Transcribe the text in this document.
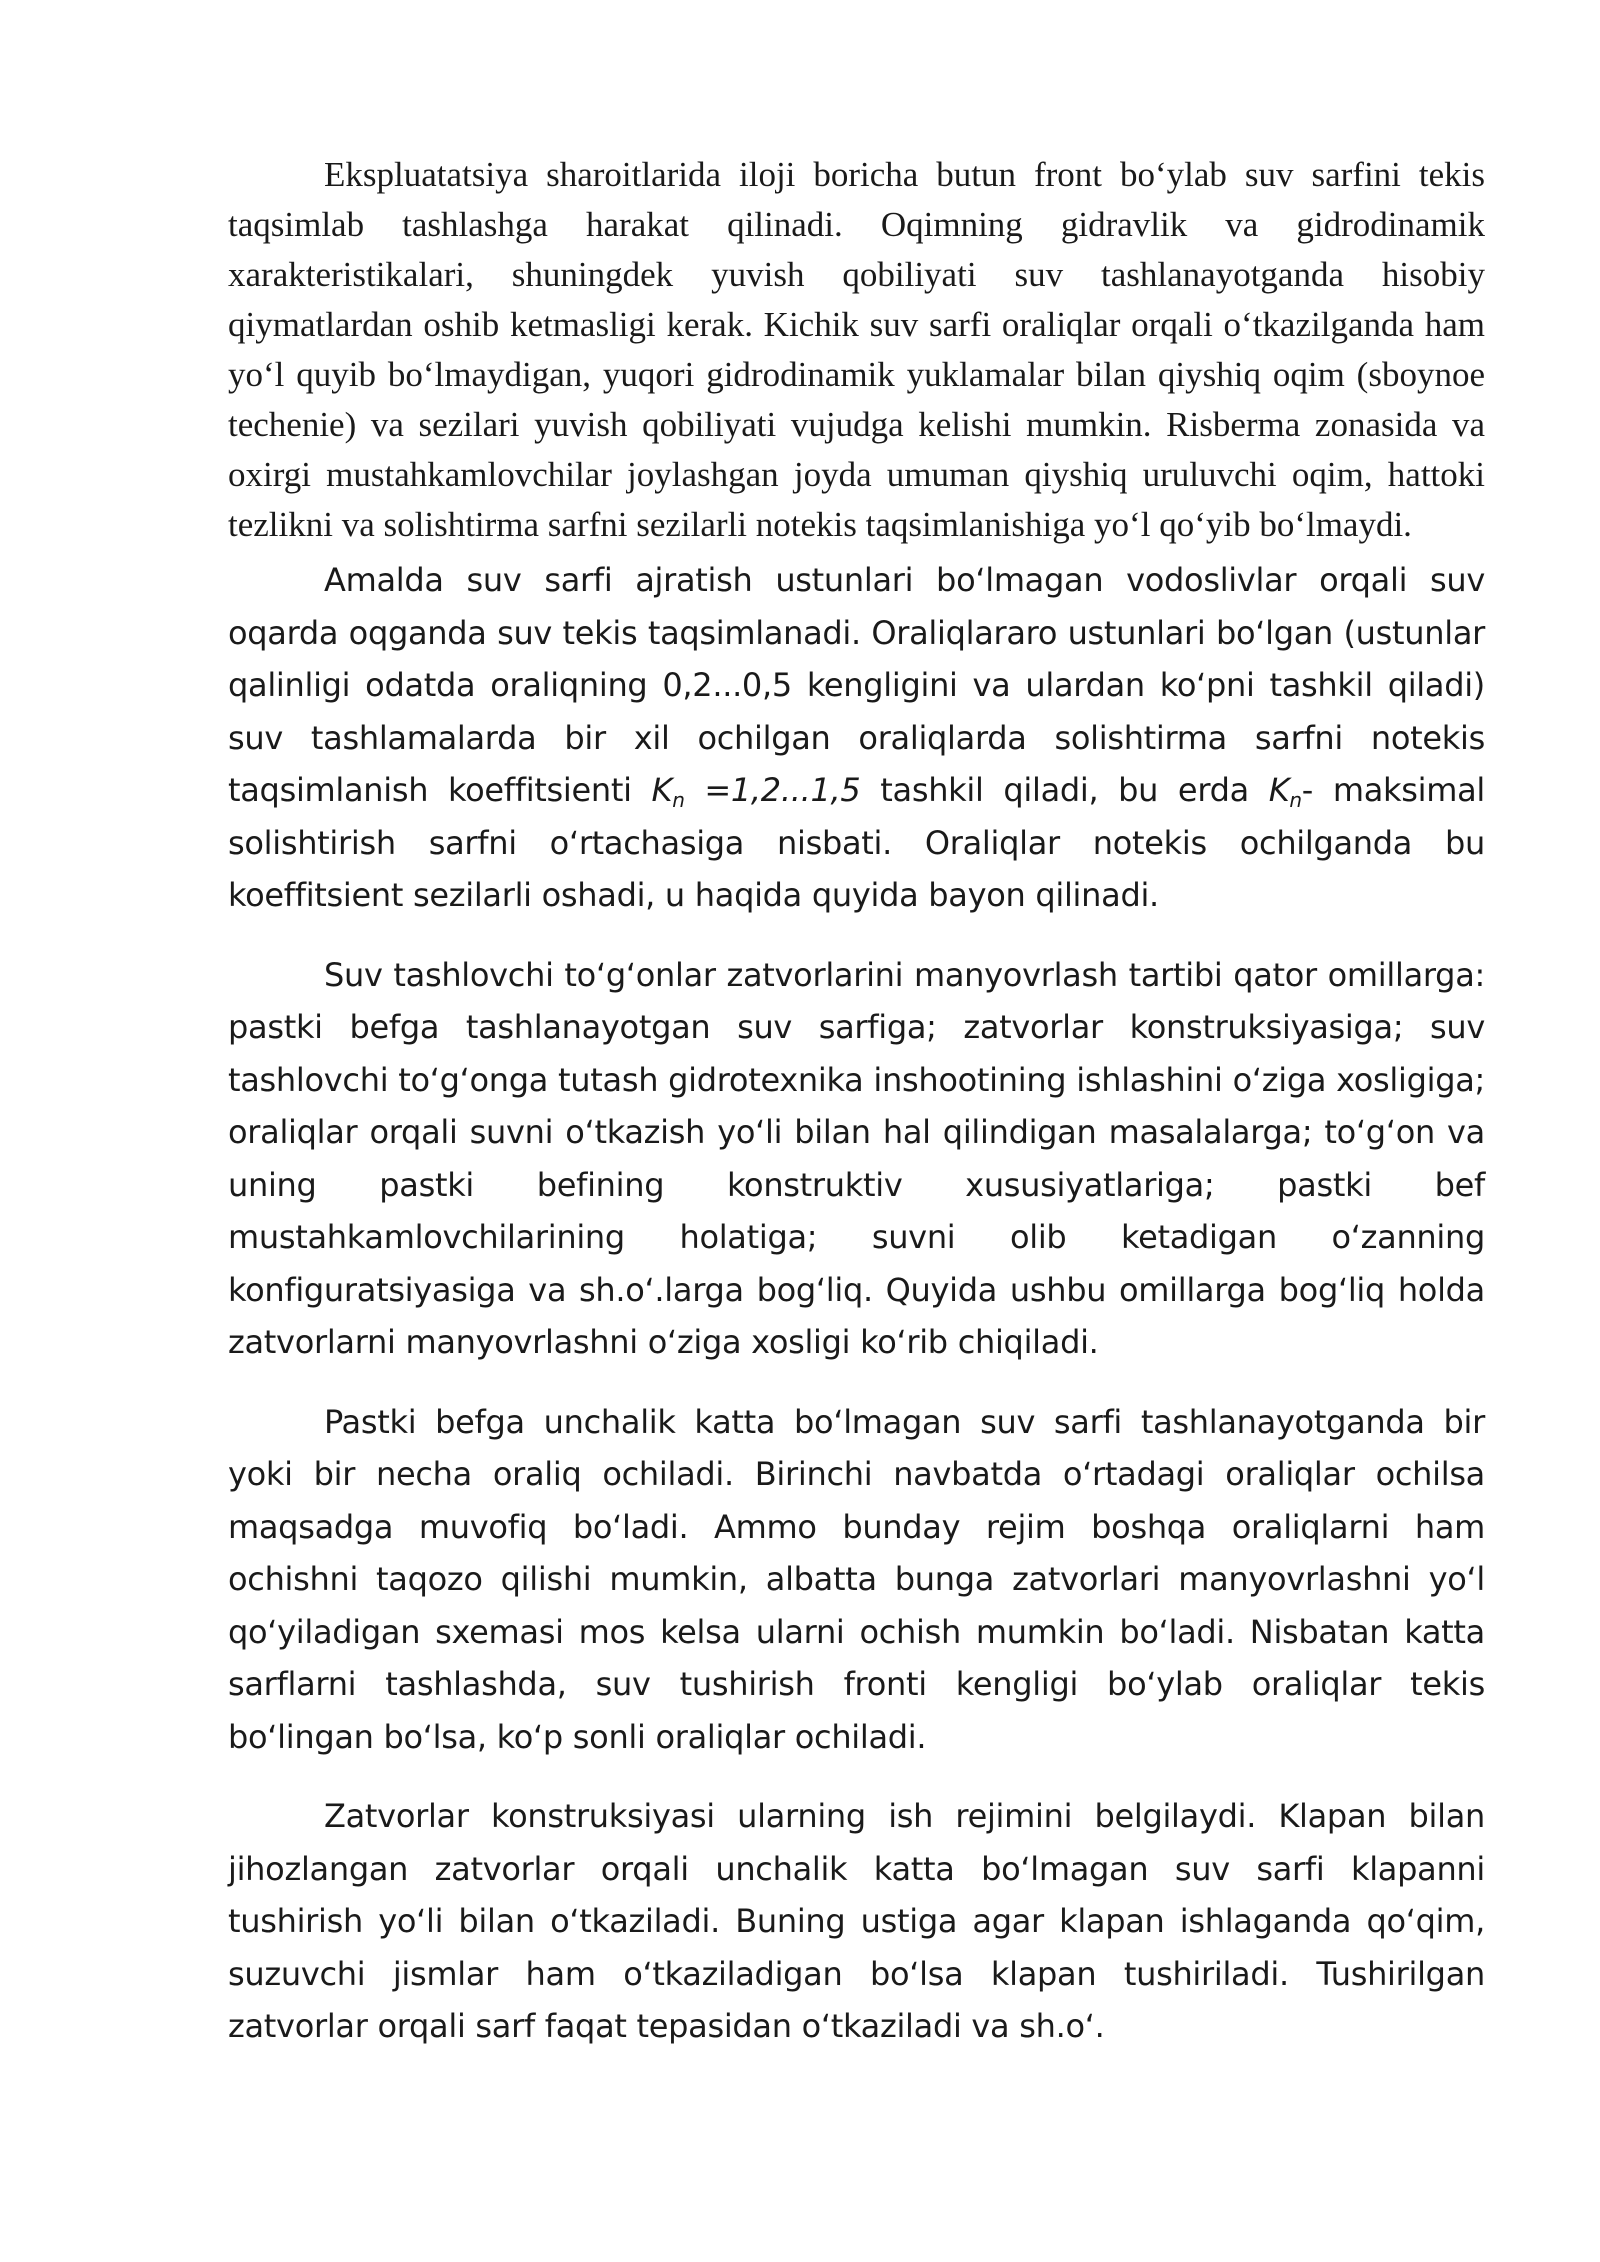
Ekspluatatsiya sharoitlarida iloji boricha butun front bo‘ylab suv sarfini tekis taqsimlab tashlashga harakat qilinadi. Oqimning gidravlik va gidrodinamik xarakteristikalari, shuningdek yuvish qobiliyati suv tashlanayotganda hisobiy qiymatlardan oshib ketmasligi kerak. Kichik suv sarfi oraliqlar orqali o‘tkazilganda ham yo‘l quyib bo‘lmaydigan, yuqori gidrodinamik yuklamalar bilan qiyshiq oqim (sboynoe techenie) va sezilari yuvish qobiliyati vujudga kelishi mumkin. Risberma zonasida va oxirgi mustahkamlovchilar joylashgan joyda umuman qiyshiq uruluvchi oqim, hattoki tezlikni va solishtirma sarfni sezilarli notekis taqsimlanishiga yo‘l qo‘yib bo‘lmaydi.

Amalda suv sarfi ajratish ustunlari bo‘lmagan vodoslivlar orqali suv oqarda oqganda suv tekis taqsimlanadi. Oraliqlararo ustunlari bo‘lgan (ustunlar qalinligi odatda oraliqning 0,2...0,5 kengligini va ulardan ko‘pni tashkil qiladi) suv tashlamalarda bir xil ochilgan oraliqlarda solishtirma sarfni notekis taqsimlanish koeffitsienti $K_n =1,2...1,5$ tashkil qiladi, bu erda $K_n-$ maksimal solishtirish sarfni o‘rtachasiga nisbati. Oraliqlar notekis ochilganda bu koeffitsient sezilarli oshadi, u haqida quyida bayon qilinadi.

Suv tashlovchi to‘g‘onlar zatvorlarini manyovrlash tartibi qator omillarga: pastki befga tashlanayotgan suv sarfiga; zatvorlar konstruksiyasiga; suv tashlovchi to‘g‘onga tutash gidrotexnika inshootining ishlashini o‘ziga xosligiga; oraliqlar orqali suvni o‘tkazish yo‘li bilan hal qilindigan masalalarga; to‘g‘on va uning pastki befining konstruktiv xususiyatlariga; pastki bef mustahkamlovchilarining holatiga; suvni olib ketadigan o‘zanning konfiguratsiyasiga va sh.o‘.larga bog‘liq. Quyida ushbu omillarga bog‘liq holda zatvorlarni manyovrlashni o‘ziga xosligi ko‘rib chiqiladi.

Pastki befga unchalik katta bo‘lmagan suv sarfi tashlanayotganda bir yoki bir necha oraliq ochiladi. Birinchi navbatda o‘rtadagi oraliqlar ochilsa maqsadga muvofiq bo‘ladi. Ammo bunday rejim boshqa oraliqlarni ham ochishni taqozo qilishi mumkin, albatta bunga zatvorlari manyovrlashni yo‘l qo‘yiladigan sxemasi mos kelsa ularni ochish mumkin bo‘ladi. Nisbatan katta sarflarni tashlashda, suv tushirish fronti kengligi bo‘ylab oraliqlar tekis bo‘lingan bo‘lsa, ko‘p sonli oraliqlar ochiladi.

Zatvorlar konstruksiyasi ularning ish rejimini belgilaydi. Klapan bilan jihozlangan zatvorlar orqali unchalik katta bo‘lmagan suv sarfi klapanni tushirish yo‘li bilan o‘tkaziladi. Buning ustiga agar klapan ishlaganda qo‘qim, suzuvchi jismlar ham o‘tkaziladigan bo‘lsa klapan tushiriladi. Tushirilgan zatvorlar orqali sarf faqat tepasidan o‘tkaziladi va sh.o‘.
